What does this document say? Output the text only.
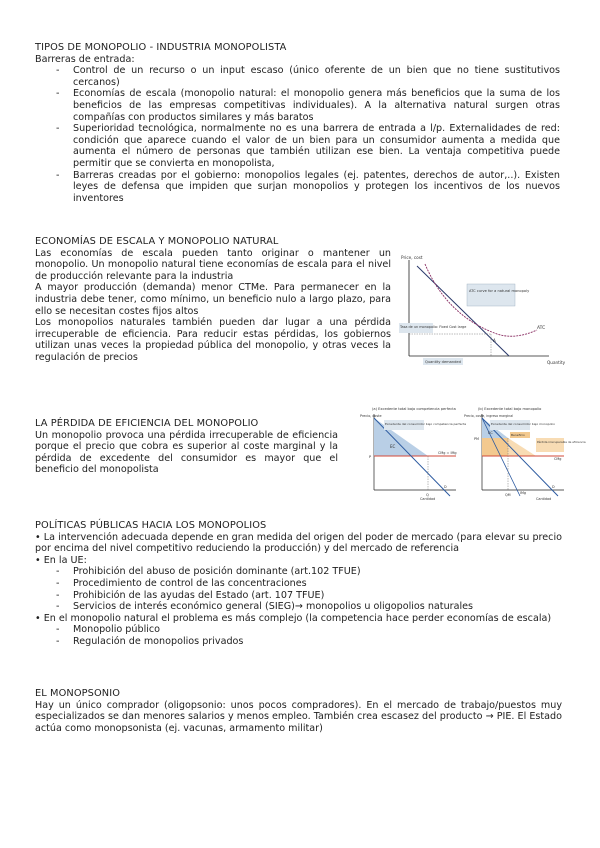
TIPOS DE MONOPOLIO - INDUSTRIA MONOPOLISTA
Barreras de entrada:
- Control de un recurso o un input escaso (único oferente de un bien que no tiene sustitutivos cercanos)
- Economías de escala (monopolio natural: el monopolio genera más beneficios que la suma de los beneficios de las empresas competitivas individuales). A la alternativa natural surgen otras compañías con productos similares y más baratos
- Superioridad tecnológica, normalmente no es una barrera de entrada a l/p. Externalidades de red: condición que aparece cuando el valor de un bien para un consumidor aumenta a medida que aumenta el número de personas que también utilizan ese bien. La ventaja competitiva puede permitir que se convierta en monopolista,
- Barreras creadas por el gobierno: monopolios legales (ej. patentes, derechos de autor,..). Existen leyes de defensa que impiden que surjan monopolios y protegen los incentivos de los nuevos inventores
ECONOMÍAS DE ESCALA Y MONOPOLIO NATURAL

Las economías de escala pueden tanto originar o mantener un monopolio. Un monopolio natural tiene economías de escala para el nivel de producción relevante para la industria

A mayor producción (demanda) menor CTMe. Para permanecer en la industria debe tener, como mínimo, un beneficio nulo a largo plazo, para ello se necesitan costes fijos altos

Los monopolios naturales también pueden dar lugar a una pérdida irrecuperable de eficiencia. Para reducir estas pérdidas, los gobiernos utilizan unas veces la propiedad pública del monopolio, y otras veces la regulación de precios

Price, cost
Quantity
ATC
ATC curve for a natural monopoly
A
Tasa de un monopolio: Fixed Cost large
Quantity demanded
LA PÉRDIDA DE EFICIENCIA DEL MONOPOLIO

Un monopolio provoca una pérdida irrecuperable de eficiencia porque el precio que cobra es superior al coste marginal y la pérdida de excedente del consumidor es mayor que el beneficio del monopolista

(a) Excedente total bajo competencia perfecta
Precio, coste
Excedente del consumidor bajo competencia perfecta
EC
P
Q
CMg = IMg
D
Cantidad
(b) Excedente total bajo monopolio
Precio, coste, ingreso marginal
Excedente del consumidor bajo monopolio
Beneficio
Pérdida irrecuperable de eficiencia
EC
PM
QM
CMg
D
IMg
Cantidad
POLÍTICAS PÚBLICAS HACIA LOS MONOPOLIOS

• La intervención adecuada depende en gran medida del origen del poder de mercado (para elevar su precio por encima del nivel competitivo reduciendo la producción) y del mercado de referencia

• En la UE:

- Prohibición del abuso de posición dominante (art.102 TFUE)
- Procedimiento de control de las concentraciones
- Prohibición de las ayudas del Estado (art. 107 TFUE)
- Servicios de interés económico general (SIEG)→ monopolios u oligopolios naturales

• En el monopolio natural el problema es más complejo (la competencia hace perder economías de escala)

- Monopolio público
- Regulación de monopolios privados
EL MONOPSONIO

Hay un único comprador (oligopsonio: unos pocos compradores). En el mercado de trabajo/puestos muy especializados se dan menores salarios y menos empleo. También crea escasez del producto → PIE. El Estado actúa como monopsonista (ej. vacunas, armamento militar)
